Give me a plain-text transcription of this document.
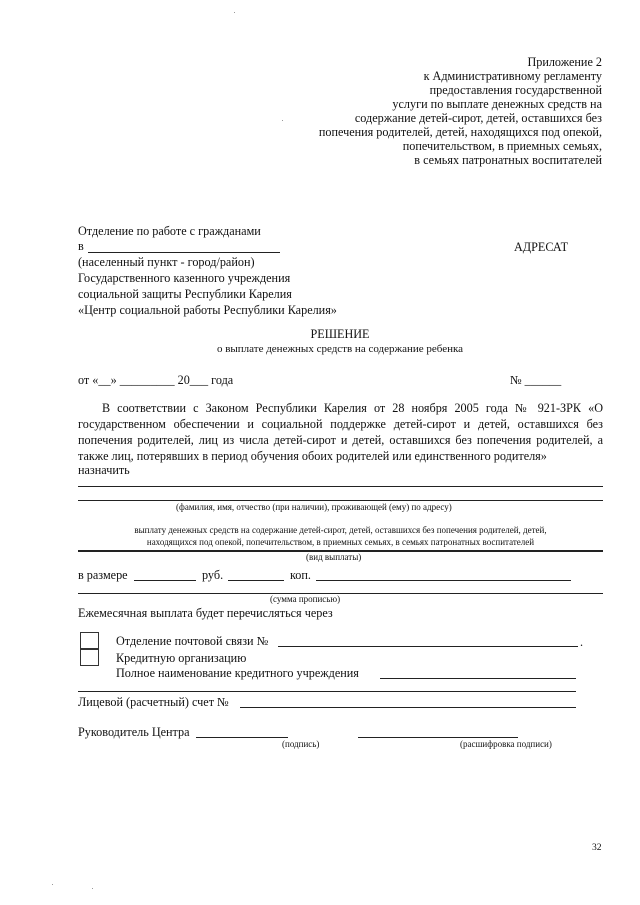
Приложение 2
к Административному регламенту
предоставления государственной
услуги по выплате денежных средств на
содержание детей-сирот, детей, оставшихся без
попечения родителей, детей, находящихся под опекой,
попечительством, в приемных семьях,
в семьях патронатных воспитателей
Отделение по работе с гражданами
в
(населенный пункт - город/район)
Государственного казенного учреждения
социальной защиты Республики Карелия
«Центр социальной работы Республики Карелия»
АДРЕСАТ
РЕШЕНИЕ
о выплате денежных средств на содержание ребенка
от «__» _________ 20___ года	№ ______
В соответствии с Законом Республики Карелия от 28 ноября 2005 года № 921-ЗРК «О государственном обеспечении и социальной поддержке детей-сирот и детей, оставшихся без попечения родителей, лиц из числа детей-сирот и детей, оставшихся без попечения родителей, а также лиц, потерявших в период обучения обоих родителей или единственного родителя»
назначить
(фамилия, имя, отчество (при наличии), проживающей (ему) по адресу)
выплату денежных средств на содержание детей-сирот, детей, оставшихся без попечения родителей, детей,
находящихся под опекой, попечительством, в приемных семьях, в семьях патронатных воспитателей
(вид выплаты)
в размере	руб.	коп.
(сумма прописью)
Ежемесячная выплата будет перечисляться через
Отделение почтовой связи №	.
Кредитную организацию
Полное наименование кредитного учреждения
Лицевой (расчетный) счет №
Руководитель Центра
(подпись)	(расшифровка подписи)
32
